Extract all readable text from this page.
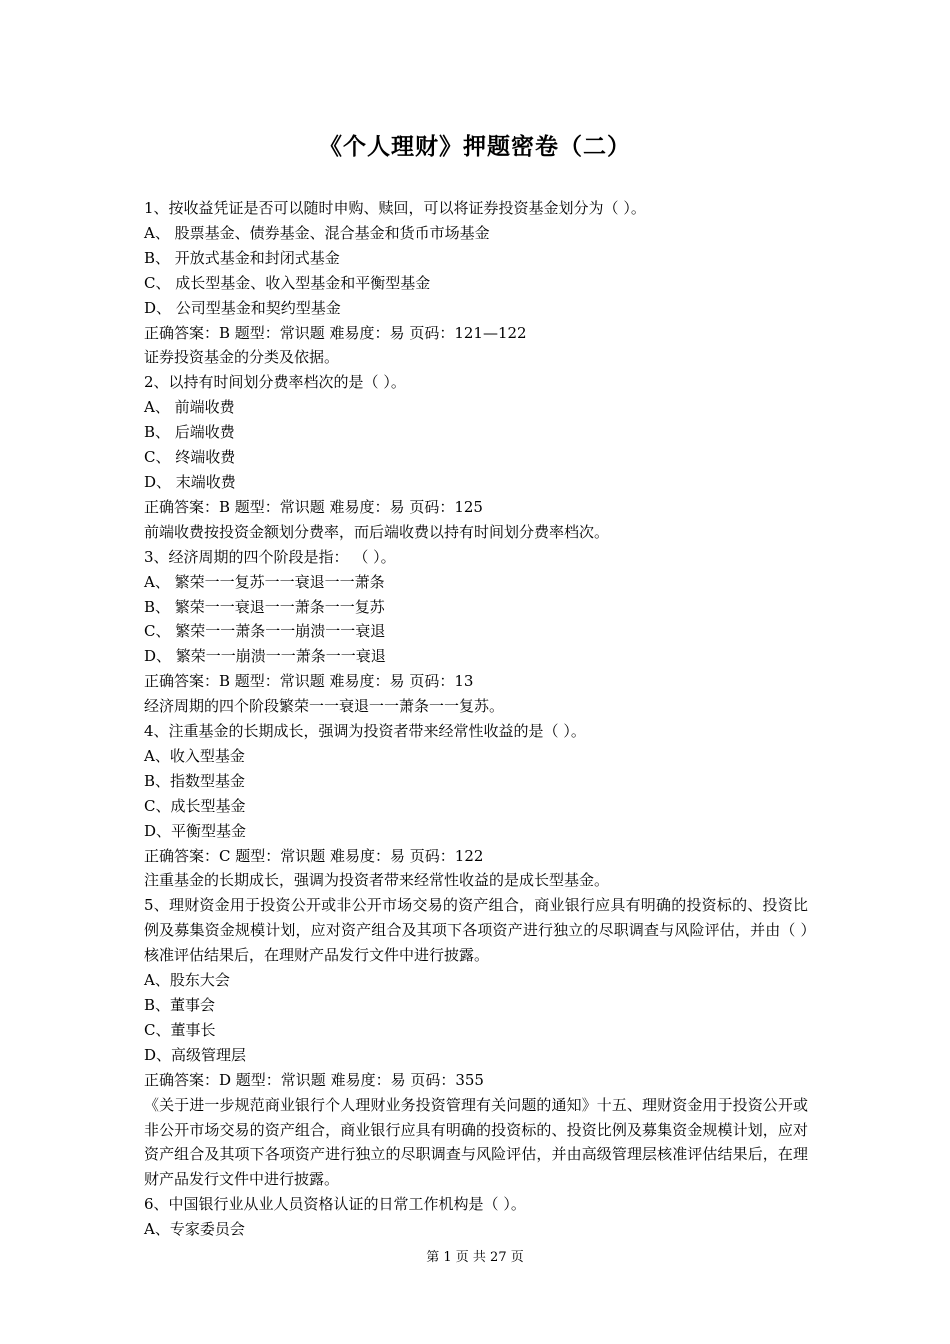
《个人理财》押题密卷（二）

1、按收益凭证是否可以随时申购、赎回，可以将证券投资基金划分为（ ）。

A、 股票基金、债券基金、混合基金和货币市场基金

B、 开放式基金和封闭式基金

C、 成长型基金、收入型基金和平衡型基金

D、 公司型基金和契约型基金

正确答案：B 题型：常识题 难易度：易 页码：121—122

证券投资基金的分类及依据。

2、以持有时间划分费率档次的是（ ）。

A、 前端收费

B、 后端收费

C、 终端收费

D、 末端收费

正确答案：B 题型：常识题 难易度：易 页码：125

前端收费按投资金额划分费率，而后端收费以持有时间划分费率档次。

3、经济周期的四个阶段是指： （ ）。

A、 繁荣一一复苏一一衰退一一萧条

B、 繁荣一一衰退一一萧条一一复苏

C、 繁荣一一萧条一一崩溃一一衰退

D、 繁荣一一崩溃一一萧条一一衰退

正确答案：B 题型：常识题 难易度：易 页码：13

经济周期的四个阶段繁荣一一衰退一一萧条一一复苏。

4、注重基金的长期成长，强调为投资者带来经常性收益的是（ ）。

A、收入型基金

B、指数型基金

C、成长型基金

D、平衡型基金

正确答案：C 题型：常识题 难易度：易 页码：122

注重基金的长期成长，强调为投资者带来经常性收益的是成长型基金。

5、理财资金用于投资公开或非公开市场交易的资产组合，商业银行应具有明确的投资标的、投资比例及募集资金规模计划，应对资产组合及其项下各项资产进行独立的尽职调查与风险评估，并由（ ）核准评估结果后，在理财产品发行文件中进行披露。

A、股东大会

B、董事会

C、董事长

D、高级管理层

正确答案：D 题型：常识题 难易度：易 页码：355

《关于进一步规范商业银行个人理财业务投资管理有关问题的通知》十五、理财资金用于投资公开或非公开市场交易的资产组合，商业银行应具有明确的投资标的、投资比例及募集资金规模计划，应对资产组合及其项下各项资产进行独立的尽职调查与风险评估，并由高级管理层核准评估结果后，在理财产品发行文件中进行披露。

6、中国银行业从业人员资格认证的日常工作机构是（ ）。

A、专家委员会

第 1 页 共 27 页
